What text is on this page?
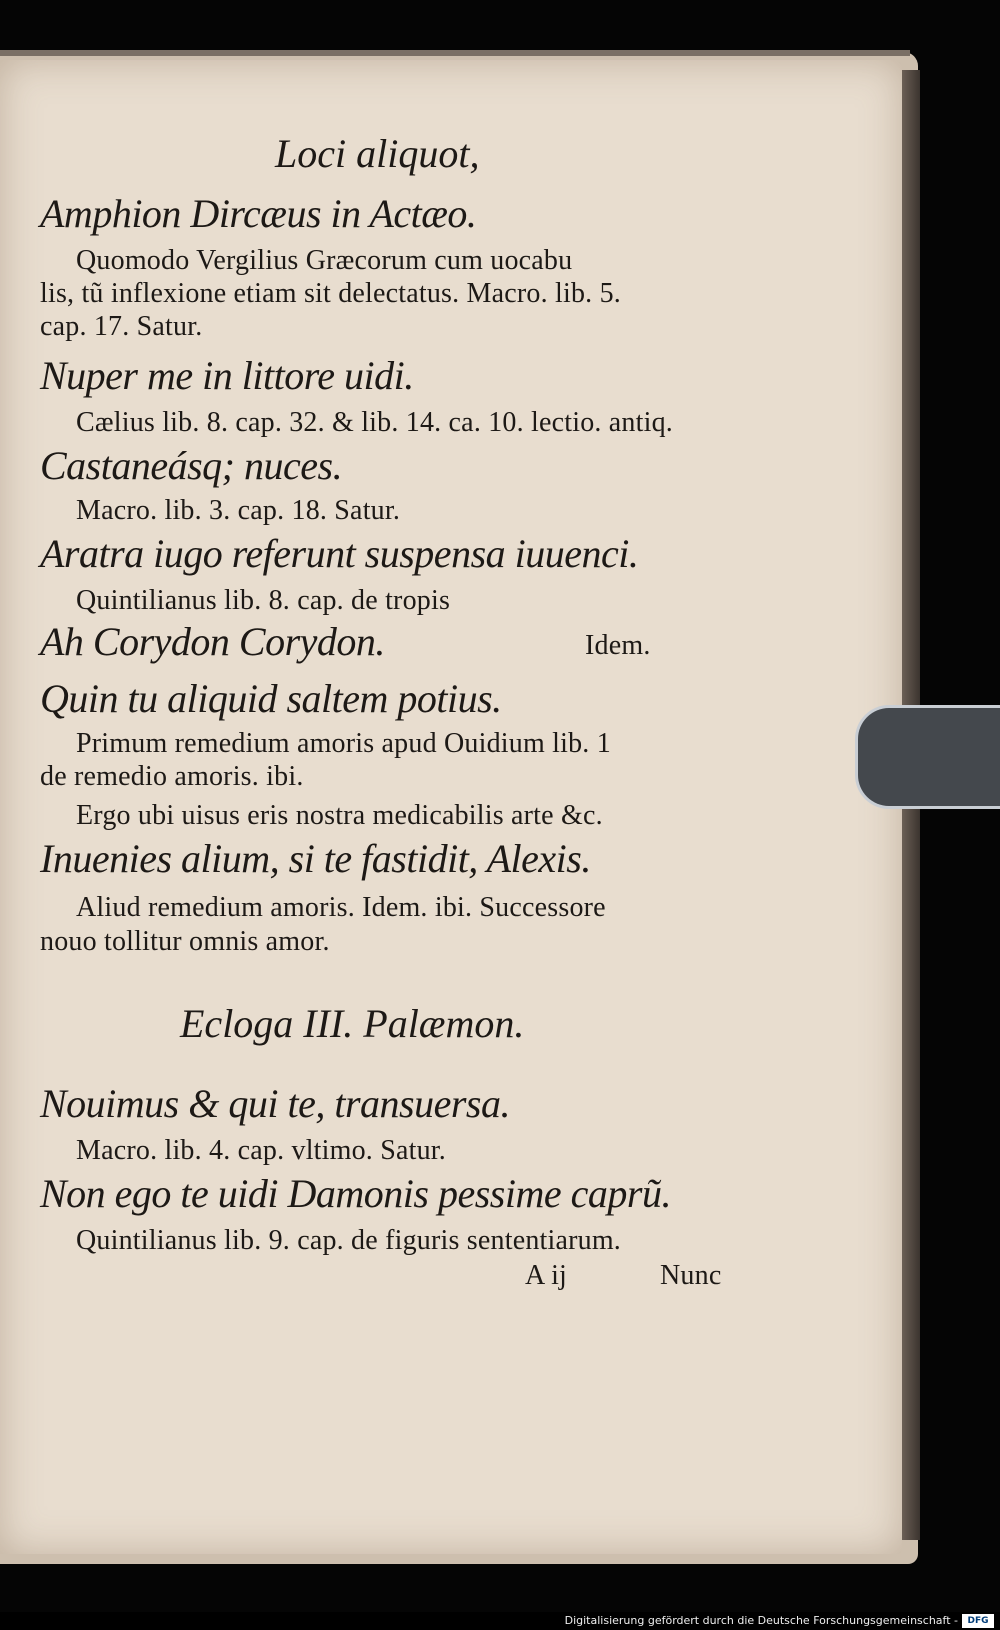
Loci aliquot,
Amphion Dircæus in Actæo.
Quomodo Vergilius Græcorum cum uocabu
lis, tũ inflexione etiam sit delectatus. Macro. lib. 5.
cap. 17. Satur.
Nuper me in littore uidi.
Cælius lib. 8. cap. 32. & lib. 14. ca. 10. lectio. antiq.
Castaneásq; nuces.
Macro. lib. 3. cap. 18. Satur.
Aratra iugo referunt suspensa iuuenci.
Quintilianus lib. 8. cap. de tropis
Ah Corydon Corydon.	Idem.
Quin tu aliquid saltem potius.
Primum remedium amoris apud Ouidium lib. 1
de remedio amoris. ibi.
Ergo ubi uisus eris nostra medicabilis arte &c.
Inuenies alium, si te fastidit, Alexis.
Aliud remedium amoris. Idem. ibi. Successore
nouo tollitur omnis amor.
Ecloga III. Palæmon.
Nouimus & qui te, transuersa.
Macro. lib. 4. cap. vltimo. Satur.
Non ego te uidi Damonis pessime caprũ.
Quintilianus lib. 9. cap. de figuris sententiarum.
A ij	Nunc
Digitalisierung gefördert durch die Deutsche Forschungsgemeinschaft -	DFG
